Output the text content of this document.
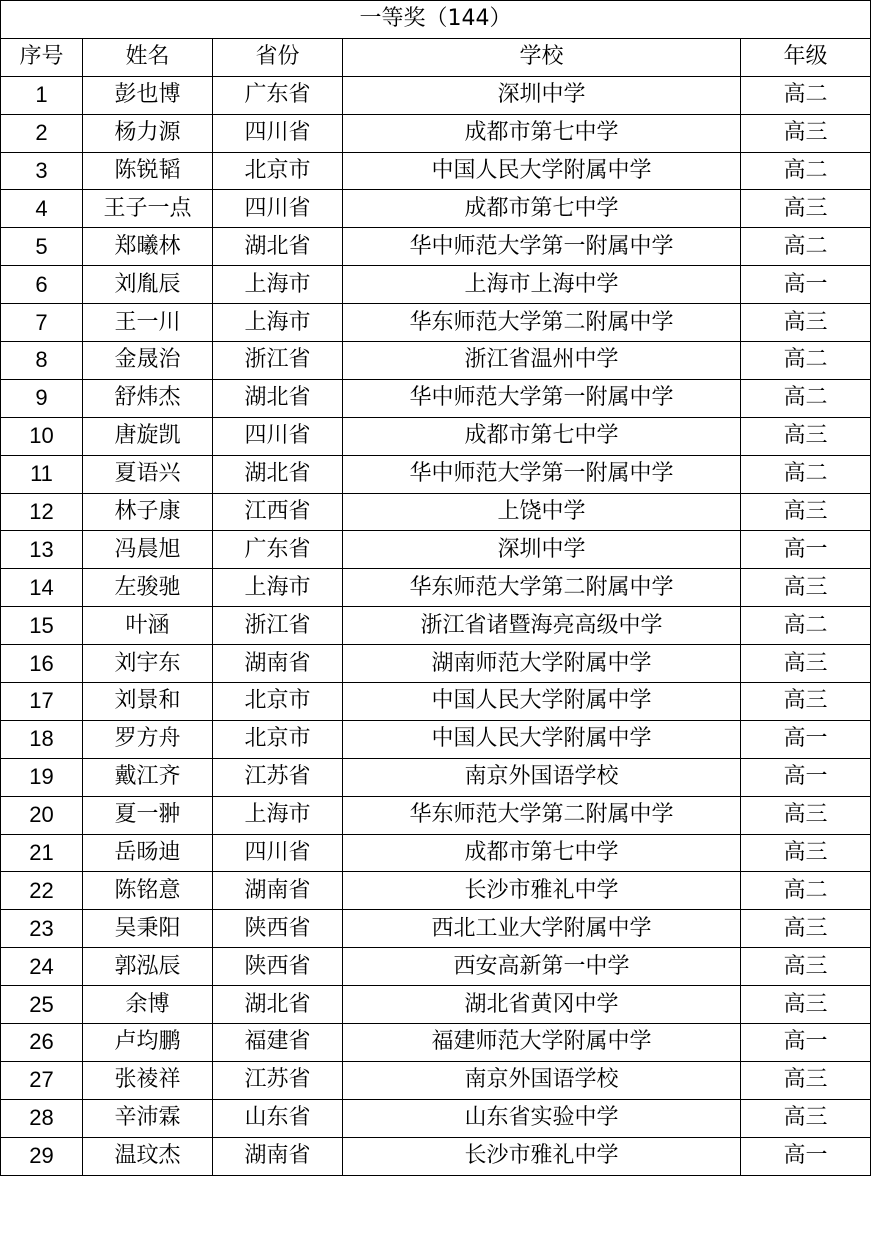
一等奖（144）				
序号	姓名	省份	学校	年级
1	彭也博	广东省	深圳中学	高二
2	杨力源	四川省	成都市第七中学	高三
3	陈锐韬	北京市	中国人民大学附属中学	高二
4	王子一点	四川省	成都市第七中学	高三
5	郑曦林	湖北省	华中师范大学第一附属中学	高二
6	刘胤辰	上海市	上海市上海中学	高一
7	王一川	上海市	华东师范大学第二附属中学	高三
8	金晟治	浙江省	浙江省温州中学	高二
9	舒炜杰	湖北省	华中师范大学第一附属中学	高二
10	唐旋凯	四川省	成都市第七中学	高三
11	夏语兴	湖北省	华中师范大学第一附属中学	高二
12	林子康	江西省	上饶中学	高三
13	冯晨旭	广东省	深圳中学	高一
14	左骏驰	上海市	华东师范大学第二附属中学	高三
15	叶涵	浙江省	浙江省诸暨海亮高级中学	高二
16	刘宇东	湖南省	湖南师范大学附属中学	高三
17	刘景和	北京市	中国人民大学附属中学	高三
18	罗方舟	北京市	中国人民大学附属中学	高一
19	戴江齐	江苏省	南京外国语学校	高一
20	夏一翀	上海市	华东师范大学第二附属中学	高三
21	岳旸迪	四川省	成都市第七中学	高三
22	陈铭意	湖南省	长沙市雅礼中学	高二
23	吴秉阳	陕西省	西北工业大学附属中学	高三
24	郭泓辰	陕西省	西安高新第一中学	高三
25	余博	湖北省	湖北省黄冈中学	高三
26	卢均鹏	福建省	福建师范大学附属中学	高一
27	张祾祥	江苏省	南京外国语学校	高三
28	辛沛霖	山东省	山东省实验中学	高三
29	温玟杰	湖南省	长沙市雅礼中学	高一
